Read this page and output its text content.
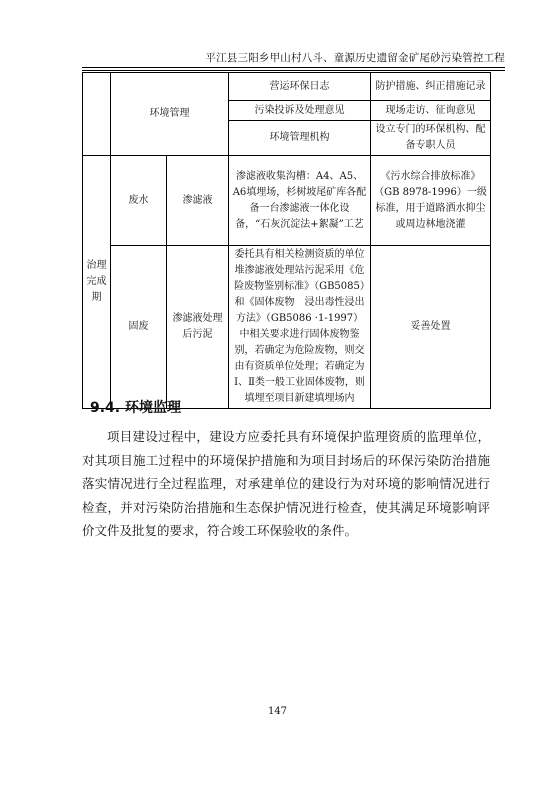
平江县三阳乡甲山村八斗、童源历史遗留金矿尾砂污染管控工程
	环境管理		营运环保日志	防护措施、纠正措施记录
			污染投诉及处理意见	现场走访、征询意见
			环境管理机构	设立专门的环保机构、配备专职人员
治理完成期	废水	渗滤液	渗滤液收集沟槽：A4、A5、A6填埋场，杉树坡尾矿库各配备一台渗滤液一体化设备，“石灰沉淀法+絮凝”工艺	《污水综合排放标准》（GB 8978-1996）一级标准，用于道路洒水抑尘或周边林地浇灌
	固废	渗滤液处理后污泥	委托具有相关检测资质的单位堆渗滤液处理站污泥采用《危险废物鉴别标准》（GB5085）和《固体废物　浸出毒性浸出方法》（GB5086 ·1-1997）中相关要求进行固体废物鉴别，若确定为危险废物，则交由有资质单位处理；若确定为Ⅰ、Ⅱ类一般工业固体废物，则填埋至项目新建填埋场内	妥善处置
9.4. 环境监理
项目建设过程中，建设方应委托具有环境保护监理资质的监理单位，对其项目施工过程中的环境保护措施和为项目封场后的环保污染防治措施落实情况进行全过程监理，对承建单位的建设行为对环境的影响情况进行检查，并对污染防治措施和生态保护情况进行检查，使其满足环境影响评价文件及批复的要求，符合竣工环保验收的条件。
147
